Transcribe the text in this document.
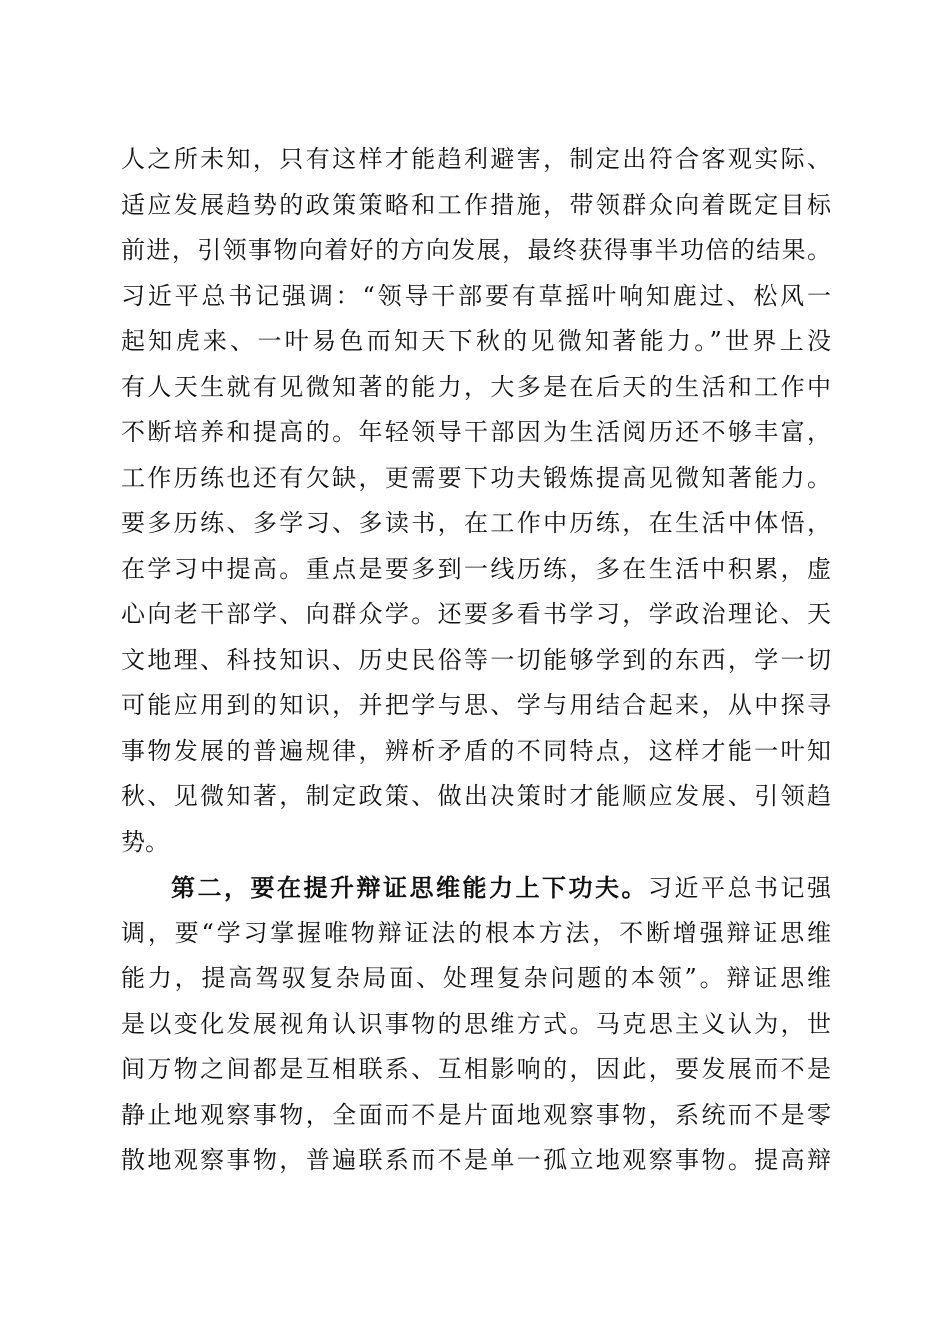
人之所未知，只有这样才能趋利避害，制定出符合客观实际、
适应发展趋势的政策策略和工作措施，带领群众向着既定目标
前进，引领事物向着好的方向发展，最终获得事半功倍的结果。
习近平总书记强调：“领导干部要有草摇叶响知鹿过、松风一
起知虎来、一叶易色而知天下秋的见微知著能力。”世界上没
有人天生就有见微知著的能力，大多是在后天的生活和工作中
不断培养和提高的。年轻领导干部因为生活阅历还不够丰富，
工作历练也还有欠缺，更需要下功夫锻炼提高见微知著能力。
要多历练、多学习、多读书，在工作中历练，在生活中体悟，
在学习中提高。重点是要多到一线历练，多在生活中积累，虚
心向老干部学、向群众学。还要多看书学习，学政治理论、天
文地理、科技知识、历史民俗等一切能够学到的东西，学一切
可能应用到的知识，并把学与思、学与用结合起来，从中探寻
事物发展的普遍规律，辨析矛盾的不同特点，这样才能一叶知
秋、见微知著，制定政策、做出决策时才能顺应发展、引领趋
势。
第二，要在提升辩证思维能力上下功夫。习近平总书记强
调，要“学习掌握唯物辩证法的根本方法，不断增强辩证思维
能力，提高驾驭复杂局面、处理复杂问题的本领”。辩证思维
是以变化发展视角认识事物的思维方式。马克思主义认为，世
间万物之间都是互相联系、互相影响的，因此，要发展而不是
静止地观察事物，全面而不是片面地观察事物，系统而不是零
散地观察事物，普遍联系而不是单一孤立地观察事物。提高辩
